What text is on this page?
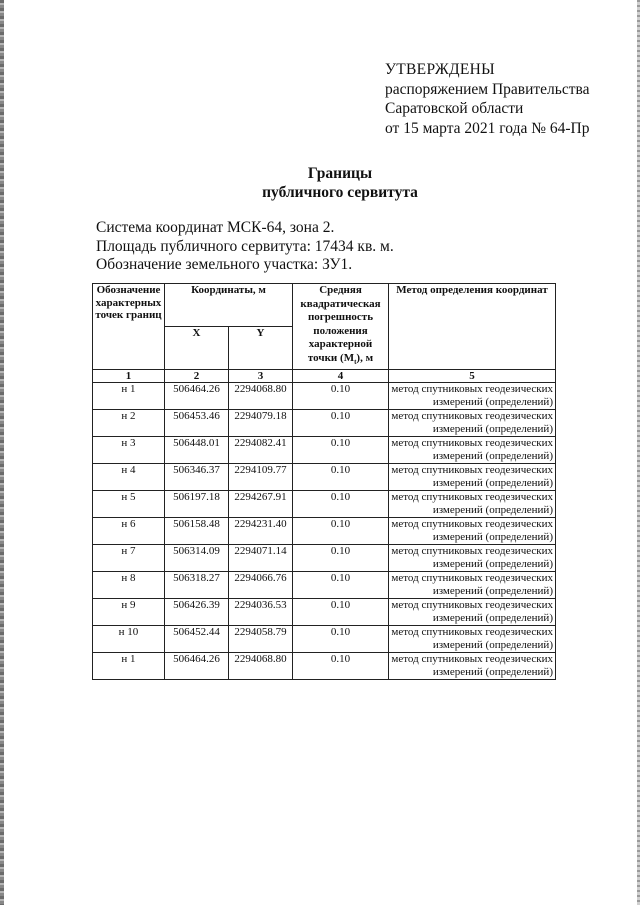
УТВЕРЖДЕНЫ
распоряжением Правительства
Саратовской области
от 15 марта 2021 года № 64-Пр
Границы
публичного сервитута
Система координат МСК-64, зона 2.
Площадь публичного сервитута: 17434 кв. м.
Обозначение земельного участка: ЗУ1.
Обозначение характерных точек границ	Координаты, м		Средняя квадратическая погрешность положения характерной точки $(M_t)$, м	Метод определения координат
	X	Y		
1	2	3	4	5
н 1	506464.26	2294068.80	0.10	метод спутниковых геодезических
измерений (определений)

н 2	506453.46	2294079.18	0.10	метод спутниковых геодезических
измерений (определений)

н 3	506448.01	2294082.41	0.10	метод спутниковых геодезических
измерений (определений)

н 4	506346.37	2294109.77	0.10	метод спутниковых геодезических
измерений (определений)

н 5	506197.18	2294267.91	0.10	метод спутниковых геодезических
измерений (определений)

н 6	506158.48	2294231.40	0.10	метод спутниковых геодезических
измерений (определений)

н 7	506314.09	2294071.14	0.10	метод спутниковых геодезических
измерений (определений)

н 8	506318.27	2294066.76	0.10	метод спутниковых геодезических
измерений (определений)

н 9	506426.39	2294036.53	0.10	метод спутниковых геодезических
измерений (определений)

н 10	506452.44	2294058.79	0.10	метод спутниковых геодезических
измерений (определений)

н 1	506464.26	2294068.80	0.10	метод спутниковых геодезических
измерений (определений)
